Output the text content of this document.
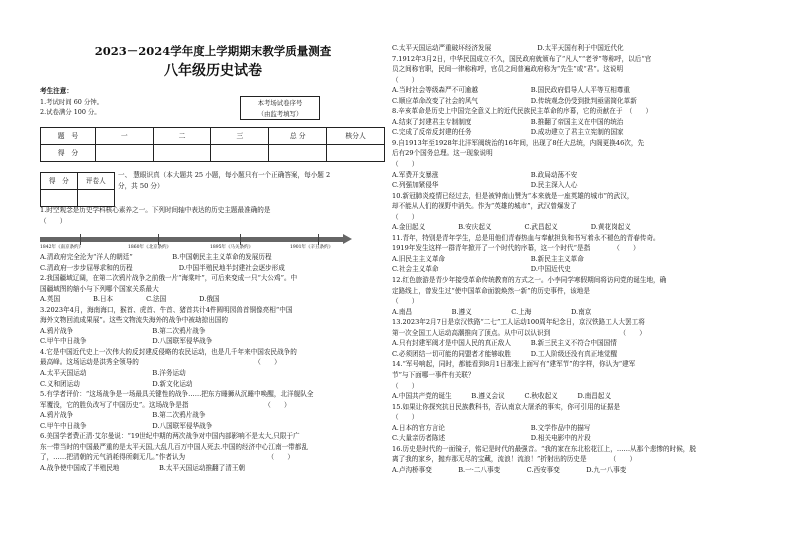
2023－2024学年度上学期期末教学质量测查
八年级历史试卷
考生注意：
1.考试时间 60 分钟。
2.试卷满分 100 分。
本考场试卷序号
（由监考填写）
题　号	一	二	三	总 分	核分人
得　分					
得　分	评卷人

一、 慧眼识真（本大题共 25 小题，每小题只有一个正确答案，每小题 2
分，共 50 分）
1.时空观念是历史学科核心素养之一。下列时间轴中表达的历史主题最准确的是
（　　）
1842年《南京条约》	1860年《北京条约》	1895年《马关条约》	1901年《辛丑条约》
A.清政府完全沦为“洋人的朝廷”　　　　　　B.中国朝民主主义革命的发展历程
C.清政府一步步屈辱求和的历程　　　　　　　D.中国半殖民地半封建社会逐步形成
2.我国疆域辽阔，在第二次鸦片战争之前俄一片“海棠叶”，可后来变成一只“大公鸡”。中
国疆域图的缩小与下列哪个国家关系最大
A.英国　　　　　B.日本　　　　　C.法国　　　　　D.俄国
3.2023年4月，海南海口，猴首、虎首、牛首、猪首共计4件圆明园兽首铜像亮相“中国
海外文物回流成果展”。这些文物流失海外的战争中被劫掠出国的
A.鸦片战争　　　　　　　　　　　　B.第二次鸦片战争
C.甲午中日战争　　　　　　　　　　D.八国联军侵华战争
4.它是中国近代史上一次伟大的反封建反侵略的农民运动，也是几千年来中国农民战争的
最高峰。这场运动是洪秀全领导的　　　　　　　　　　　　　　　　　　（　　）
A.太平天国运动　　　　　　　　　　B.洋务运动
C.义和团运动　　　　　　　　　　　D.新文化运动
5.有学者评价：“这场战争是一场最具关键性的战争……把东方睡狮从沉睡中唤醒，北洋舰队全
军覆没，它的胜负改写了中国历史”。这场战争是指　　　　　　　　　　　　（　　）
A.鸦片战争　　　　　　　　　　　　B.第二次鸦片战争
C.甲午中日战争　　　　　　　　　　D.八国联军侵华战争
6.美国学者费正清·艾尔曼说：“19世纪中期的两次战争对中国内部影响不是太大,只限于广
东一带当时的中国最严重的是太平天国,大乱几百万中国人死去.中国的经济中心江南一带都乱
了，……把清朝的元气消耗得所剩无几。”作者认为　　　　　　　　　　　　　（　　）
A.战争使中国成了半殖民地　　　　　　B.太平天国运动推翻了清王朝
C.太平天国运动严重破坏经济发展　　　　　　　D.太平天国有利于中国近代化
7.1912年3月2日，中华民国成立不久，国民政府就颁布了“凡人”“老爷”等称呼，以后“官
员之间称官职，民间一律称称呼，官员之间普遍政府称为“先生”或“君”。这说明
（　　）
A.当时社会等级森严不可逾越　　　　　　　　B.国民政府倡导人人平等互相尊重
C.顺应革命改变了社会的风气　　　　　　　　D.传统观念仍受到批判亟需简化革新
8.辛亥革命是历史上中国完全意义上的近代民族民主革命的序幕，它的贡献在于　（　　）
A.结束了封建君主专制制度　　　　　　　　　B.推翻了帝国主义在中国的统治
C.完成了反帝反封建的任务　　　　　　　　　D.成功建立了君主立宪制的国家
9.自1913年至1928年北洋军阀统治的16年间，出现了8任大总统，内阁更换46次，先
后有29个国务总理。这一现象说明
（　　）
A.军费开支暴涨　　　　　　　　　　　　　　B.政局动荡不安
C.列强加紧侵华　　　　　　　　　　　　　　D.民主深入人心
10.新冠肺炎疫情已经过去，但是被钟南山赞为“本来就是一座英雄的城市”的武汉，
却不能从人们的视野中消失。作为“英雄的城市”，武汉曾爆发了
（　　）
A.金田起义　　　　　B.安庆起义　　　　　C.武昌起义　　　　　D.黄花岗起义
11.青年，特别是青年学生，总是用他们青春热血与奉献担负和书写着永不褪色的青春传奇。
1919年发生这样一群青年掀开了一个时代的序幕，这一个时代“是指　　　　（　　）
A.旧民主主义革命　　　　　　　　　　　　　B.新民主主义革命
C.社会主义革命　　　　　　　　　　　　　　D.中国近代史
12.红色旅游是青少年接受革命传统教育的方式之一。小李同学寒假期间将访问党的诞生地，确
定路线上，曾发生过“使中国革命面貌焕然一新”的历史事件，该地是
（　　）
A.南昌　　　　　　B.遵义　　　　　　C.上海　　　　　　D.南京
13.2023年2月7日是京汉铁路“二七”工人运动100周年纪念日，京汉铁路工人大罢工将
第一次全国工人运动高潮推向了顶点。从中可以认识到　　　　　　　　　　　（　　）
A.只有封建军阀才是中国人民的真正敌人　　　B.新三民主义不符合中国国情
C.必须团结一切可能的同盟者才能够取胜　　　D.工人阶级还没有真正地觉醒
14.“军号响起，同时，都能看到8月1日那张上面写有“建军节”的字样，你认为“建军
节”与下面哪一事件有关联？
（　　）
A.中国共产党的诞生　　　B.遵义会议　　　C.秋收起义　　　D.南昌起义
15.如果让你探究抗日民族教科书，否认南京大屠杀的事实，你可引用的证据是
（　　）
A.日本的官方言论　　　　　　　　　　　　　B.文学作品中的描写
C.大量亲历者陈述　　　　　　　　　　　　　D.相关电影中的片段
16.历史是时代的一面镜子，铭记是时代的最强音。“我的家在东北松花江上，……从那个悲惨的时候，脱
离了我的家乡，抛弃那无尽的宝藏，流浪！流浪！”折射出的历史是　　　　（　　）
A.卢沟桥事变　　　　B.一·二八事变　　　　C.西安事变　　　　D.九一八事变
